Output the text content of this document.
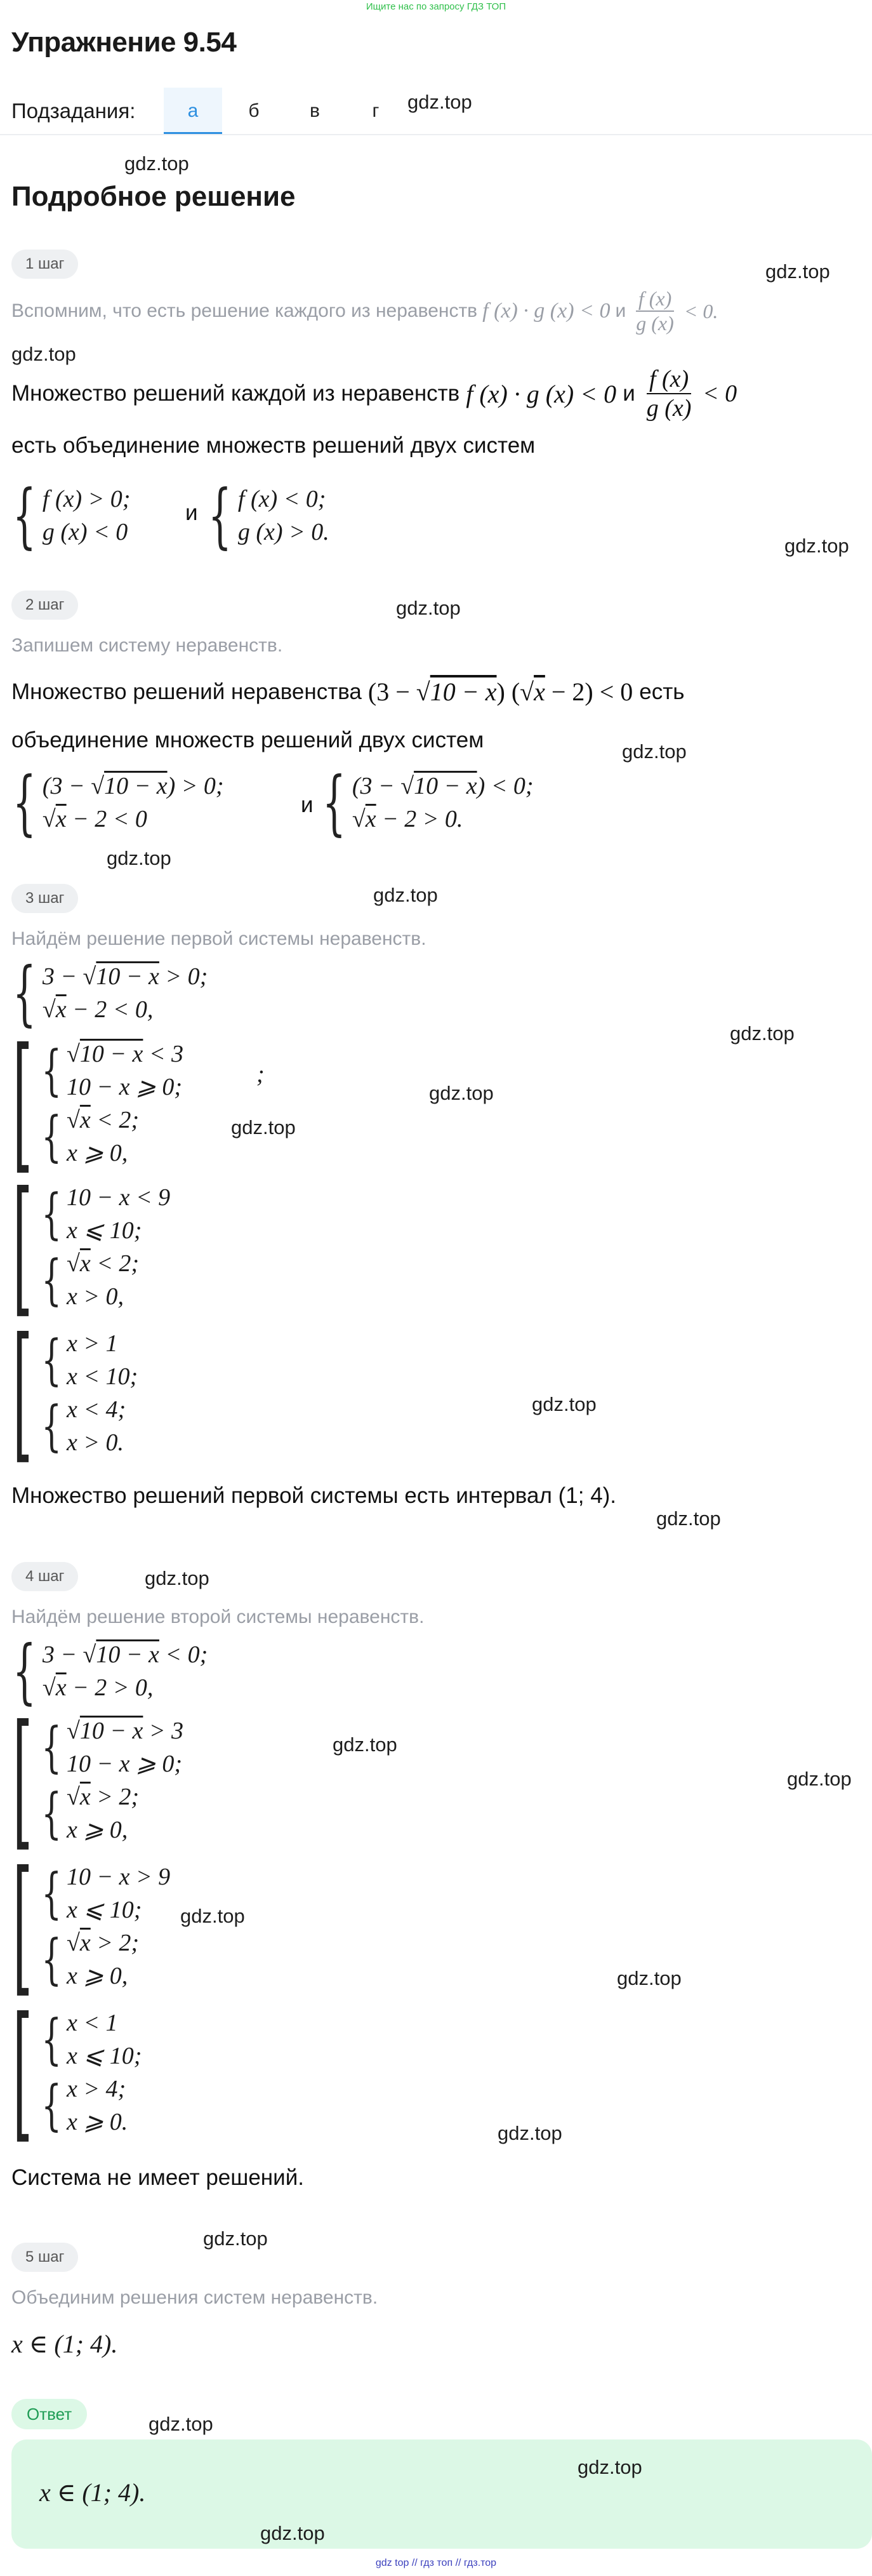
Ищите нас по запросу ГДЗ ТОП
Упражнение 9.54
Подзадания:	а	б	в	г	gdz.top
gdz.top
Подробное решение
1 шаг	gdz.top
Вспомним, что есть решение каждого из неравенств f (x) · g (x) < 0 и $\frac{f (x)}{g (x)} < 0$.
gdz.top
Множество решений каждой из неравенств f (x) · g (x) < 0 и $\frac{f (x)}{g (x)} < 0$
есть объединение множеств решений двух систем
{ f (x) > 0;
g (x) < 0
и { f (x) < 0;
g (x) > 0.
gdz.top
2 шаг	gdz.top
Запишем систему неравенств.
Множество решений неравенства (3 − √10 − x) (√x − 2) < 0 есть
объединение множеств решений двух систем	gdz.top
{ (3 − √10 − x) > 0;
√x − 2 < 0
и { (3 − √10 − x) < 0;
√x − 2 > 0.
gdz.top
3 шаг	gdz.top
Найдём решение первой системы неравенств.
{ 3 − √10 − x > 0;
√x − 2 < 0,
gdz.top
[ { √10 − x < 3
10 − x ⩾ 0;
{ √x < 2;
x ⩾ 0,
;
gdz.top
gdz.top
[ { 10 − x < 9
x ⩽ 10;
{ √x < 2;
x > 0,
[ { x > 1
x < 10;
{ x < 4;
x > 0.
gdz.top
Множество решений первой системы есть интервал (1; 4).
gdz.top
4 шаг	gdz.top
Найдём решение второй системы неравенств.
{ 3 − √10 − x < 0;
√x − 2 > 0,
[ { √10 − x > 3
10 − x ⩾ 0;
{ √x > 2;
x ⩾ 0,
gdz.top
gdz.top
[ { 10 − x > 9
x ⩽ 10;
{ √x > 2;
x ⩾ 0,
gdz.top
gdz.top
[ { x < 1
x ⩽ 10;
{ x > 4;
x ⩾ 0.	gdz.top
Система не имеет решений.
gdz.top
5 шаг
Объединим решения систем неравенств.
x ∈ (1; 4).
Ответ	gdz.top
gdz.top
x ∈ (1; 4).
gdz.top
gdz top // гдз топ // гдз.тор
